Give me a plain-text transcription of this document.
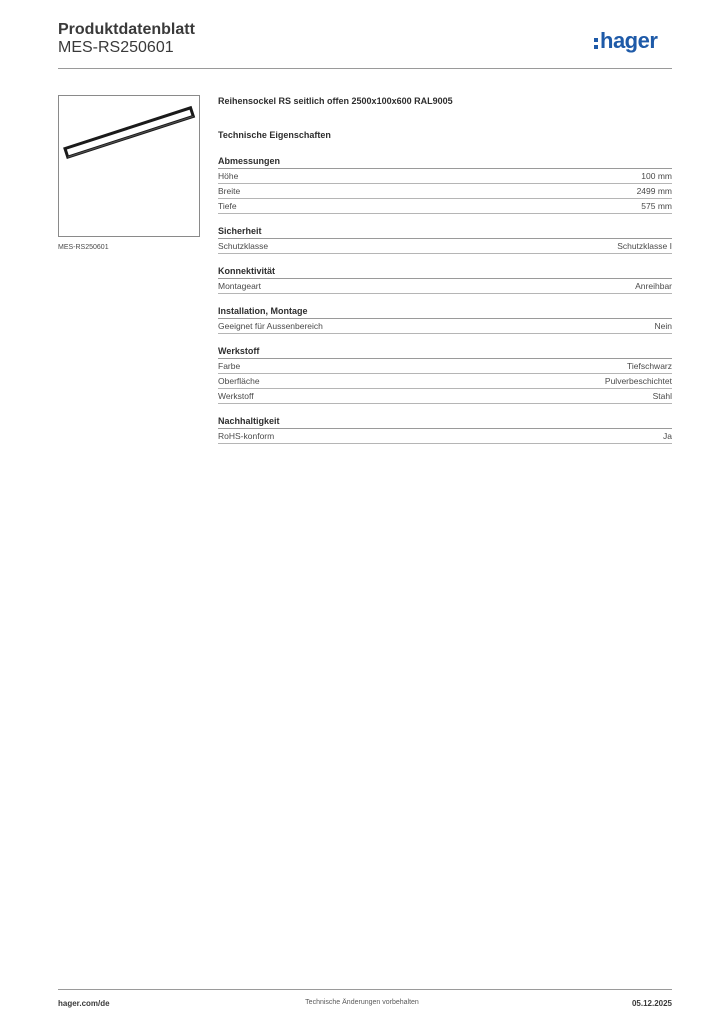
Produktdatenblatt
MES-RS250601	hager
MES-RS250601
Reihensockel RS seitlich offen 2500x100x600 RAL9005
Technische Eigenschaften
Abmessungen
Höhe	100 mm
Breite	2499 mm
Tiefe	575 mm
Sicherheit
Schutzklasse	Schutzklasse I
Konnektivität
Montageart	Anreihbar
Installation, Montage
Geeignet für Aussenbereich	Nein
Werkstoff
Farbe	Tiefschwarz
Oberfläche	Pulverbeschichtet
Werkstoff	Stahl
Nachhaltigkeit
RoHS-konform	Ja
hager.com/de	Technische Änderungen vorbehalten	05.12.2025
